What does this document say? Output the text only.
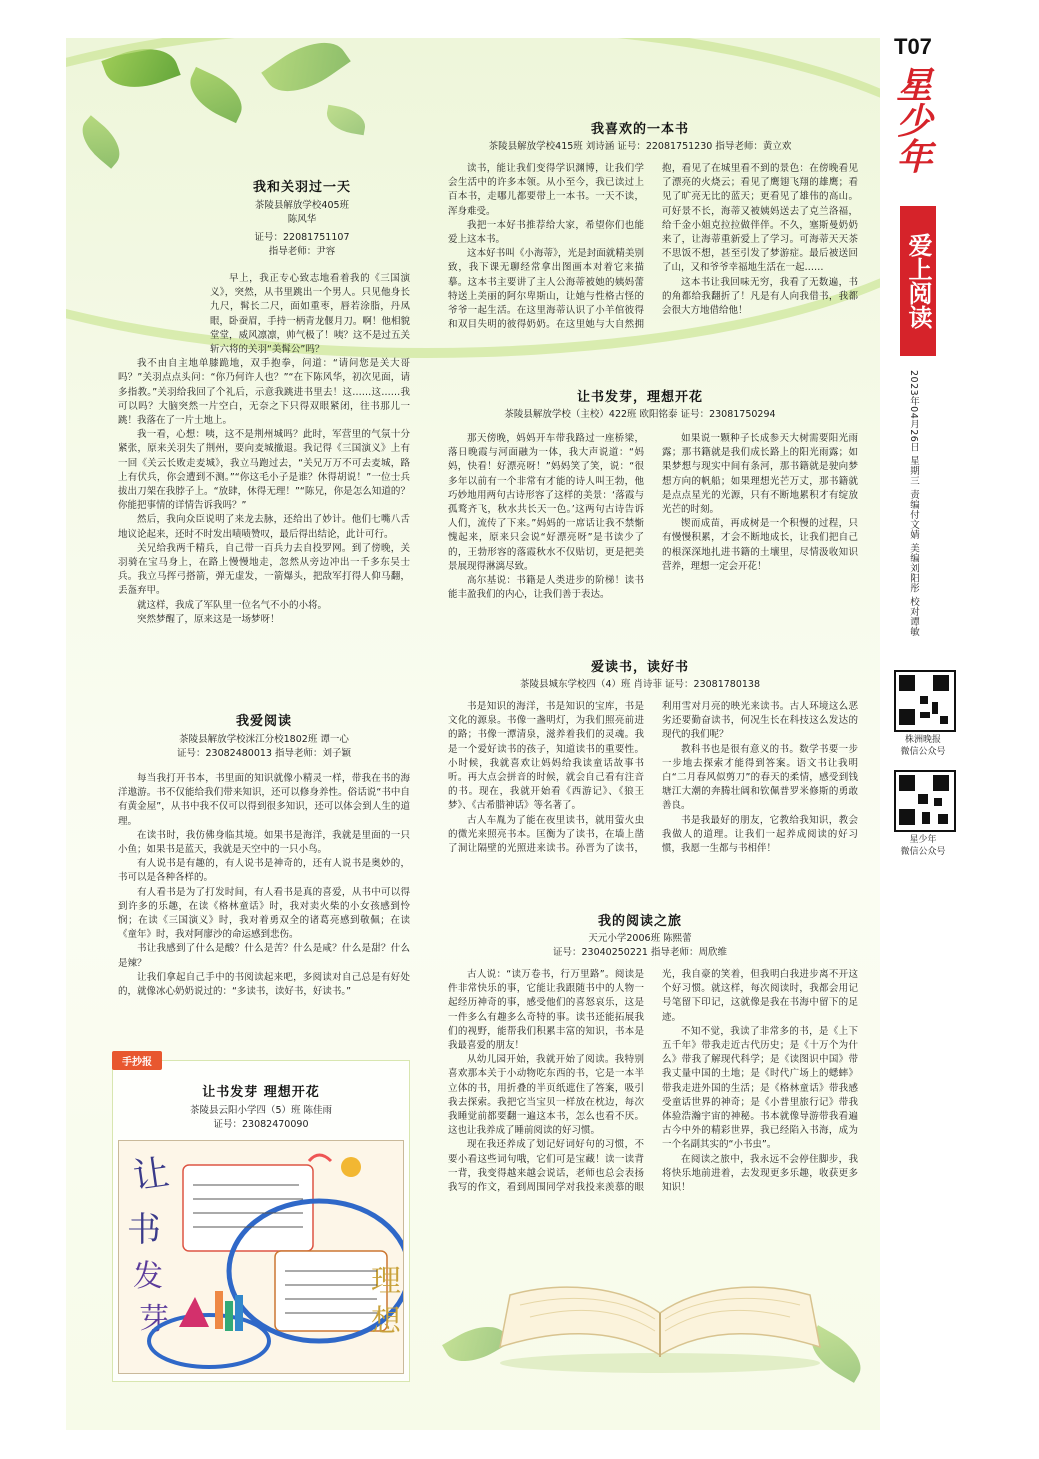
我和关羽过一天
茶陵县解放学校405班
陈风华
证号：22081751107
指导老师：尹容

早上，我正专心致志地看着我的《三国演义》，突然，从书里跳出一个男人。只见他身长九尺，髯长二尺，面如重枣，唇若涂脂，丹凤眼，卧蚕眉，手持一柄青龙偃月刀。啊！他相貌堂堂，威风凛凛，帅气极了！咦？这不是过五关斩六将的关羽“美髯公”吗？

我不由自主地单膝跪地，双手抱拳，问道：“请问您是关大哥吗？”关羽点点头问：“你乃何许人也？”“在下陈风华，初次见面，请多指教。”关羽给我回了个礼后，示意我跳进书里去！这……这……我可以吗？大脑突然一片空白，无奈之下只得双眼紧闭，往书那儿一跳！我落在了一片土地上。

我一看，心想：咦，这不是荆州城吗？此时，军营里的气氛十分紧张，原来关羽失了荆州，要向麦城撤退。我记得《三国演义》上有一回《关云长败走麦城》，我立马跑过去，“关兄万万不可去麦城，路上有伏兵，你会遭到不测。”“你这毛小子是谁？休得胡说！”一位士兵拔出刀架在我脖子上。“放肆，休得无理！”“陈兄，你是怎么知道的？你能把事情的详情告诉我吗？”

然后，我向众臣说明了来龙去脉，还给出了妙计。他们七嘴八舌地议论起来，还时不时发出啧啧赞叹，最后得出结论，此计可行。

关兄给我两千精兵，自己带一百兵力去自投罗网。到了傍晚，关羽骑在宝马身上，在路上慢慢地走，忽然从旁边冲出一千多东吴士兵。我立马挥弓搭箭，弹无虚发，一箭爆头，把敌军打得人仰马翻，丢盔弃甲。

就这样，我成了军队里一位名气不小的小将。

突然梦醒了，原来这是一场梦呀！

我爱阅读
茶陵县解放学校洣江分校1802班 谭一心
证号：23082480013 指导老师：刘子颖

每当我打开书本，书里面的知识就像小精灵一样，带我在书的海洋遨游。书不仅能给我们带来知识，还可以修身养性。俗话说“书中自有黄金屋”，从书中我不仅可以得到很多知识，还可以体会到人生的道理。

在读书时，我仿佛身临其境。如果书是海洋，我就是里面的一只小鱼；如果书是蓝天，我就是天空中的一只小鸟。

有人说书是有趣的，有人说书是神奇的，还有人说书是奥妙的，书可以是各种各样的。

有人看书是为了打发时间，有人看书是真的喜爱，从书中可以得到许多的乐趣，在读《格林童话》时，我对卖火柴的小女孩感到怜悯；在读《三国演义》时，我对着勇双全的诸葛亮感到敬佩；在读《童年》时，我对阿廖沙的命运感到悲伤。

书让我感到了什么是酸？什么是苦？什么是咸？什么是甜？什么是辣？

让我们拿起自己手中的书阅读起来吧，多阅读对自己总是有好处的，就像冰心奶奶说过的：“多读书，读好书，好读书。”

让书发芽 理想开花
茶陵县云阳小学四（5）班 陈佳雨
证号：23082470090
手抄报
让
书
发
芽
理
想
我喜欢的一本书
茶陵县解放学校415班 刘诗涵 证号：22081751230 指导老师：黄立欢

读书，能让我们变得学识渊博，让我们学会生活中的许多本领。从小至今，我已读过上百本书，走哪儿都要带上一本书。一天不读，浑身难受。

我把一本好书推荐给大家，希望你们也能爱上这本书。

这本好书叫《小海蒂》，光是封面就精美别致，我下课无聊经常拿出图画本对着它来描摹。这本书主要讲了主人公海蒂被她的姨妈蕾特送上美丽的阿尔卑斯山，让她与性格古怪的爷爷一起生活。在这里海蒂认识了小羊倌彼得和双目失明的彼得奶奶。在这里她与大自然拥抱，看见了在城里看不到的景色：在傍晚看见了漂亮的火烧云；看见了鹰翅飞翔的雄鹰；看见了旷亮无比的蓝天；更看见了雄伟的高山。可好景不长，海蒂又被姨妈送去了克兰洛福，给千金小姐克拉拉做伴伴。不久，塞斯曼奶奶来了，让海蒂重新爱上了学习。可海蒂天天茶不思饭不想，甚至引发了梦游症。最后被送回了山，又和爷爷幸福地生活在一起……

这本书让我回味无穷，我看了无数遍，书的角都给我翻折了！凡是有人向我借书，我都会很大方地借给他！

让书发芽，理想开花
茶陵县解放学校（主校）422班 欧阳铭泰 证号：23081750294

那天傍晚，妈妈开车带我路过一座桥梁，落日晚霞与河面融为一体，我大声说道：“妈妈，快看！好漂亮呀！”妈妈笑了笑，说：“很多年以前有一个非常有才能的诗人叫王勃，他巧妙地用两句古诗形容了这样的美景：‘落霞与孤鹜齐飞，秋水共长天一色。’这两句古诗告诉人们，流传了下来。”妈妈的一席话让我不禁惭愧起来，原来只会说“好漂亮呀”是书读少了的，王勃形容的落霞秋水不仅贴切，更是把美景展现得淋漓尽致。

高尔基说：书籍是人类进步的阶梯！读书能丰盈我们的内心，让我们善于表达。

如果说一颗种子长成参天大树需要阳光雨露；那书籍就是我们成长路上的阳光雨露；如果梦想与现实中间有条河，那书籍就是驶向梦想方向的帆船；如果理想光芒万丈，那书籍就是点点星光的光源，只有不断地累积才有绽放光芒的时刻。

锲而成苗，再成树是一个积慢的过程，只有慢慢积累，才会不断地成长，让我们把自己的根深深地扎进书籍的土壤里，尽情汲收知识营养，理想一定会开花！

爱读书，读好书
茶陵县城东学校四（4）班 肖诗菲 证号：23081780138

书是知识的海洋，书是知识的宝库，书是文化的源泉。书像一盏明灯，为我们照亮前进的路；书像一潭清泉，滋养着我们的灵魂。我是一个爱好读书的孩子，知道读书的重要性。小时候，我就喜欢让妈妈给我读童话故事书听。再大点会拼音的时候，就会自己看有注音的书。现在，我就开始看《西游记》、《狼王梦》、《古希腊神话》等名著了。

古人车胤为了能在夜里读书，就用萤火虫的微光来照亮书本。匡衡为了读书，在墙上凿了洞让隔壁的光照进来读书。孙晋为了读书，利用雪对月亮的映光来读书。古人环境这么恶劣还要勤奋读书，何况生长在科技这么发达的现代的我们呢？

教科书也是很有意义的书。数学书要一步一步地去探索才能得到答案。语文书让我明白“二月春风似剪刀”的春天的柔情，感受到钱塘江大潮的奔腾壮阔和钦佩普罗米修斯的勇敢善良。

书是我最好的朋友，它教给我知识，教会我做人的道理。让我们一起养成阅读的好习惯，我愿一生都与书相伴！

我的阅读之旅
天元小学2006班 陈熙蕾
证号：23040250221 指导老师：周欣维

古人说：“读万卷书，行万里路”。阅读是件非常快乐的事，它能让我跟随书中的人物一起经历神奇的事，感受他们的喜怒哀乐，这是一件多么有趣多么奇特的事。读书还能拓展我们的视野，能帮我们积累丰富的知识，书本是我最喜爱的朋友！

从幼儿园开始，我就开始了阅读。我特别喜欢那本关于小动物吃东西的书，它是一本半立体的书，用折叠的半页纸遮住了答案，吸引我去探索。我把它当宝贝一样放在枕边，每次我睡觉前都要翻一遍这本书，怎么也看不厌。这也让我养成了睡前阅读的好习惯。

现在我还养成了划记好词好句的习惯，不要小看这些词句哦，它们可是宝藏！读一读背一背，我变得越来越会说话，老师也总会表扬我写的作文，看到周围同学对我投来羡慕的眼光，我自豪的笑着，但我明白我进步离不开这个好习惯。就这样，每次阅读时，我都会用记号笔留下印记，这就像是我在书海中留下的足迹。

不知不觉，我读了非常多的书，是《上下五千年》带我走近古代历史；是《十万个为什么》带我了解现代科学；是《读图识中国》带我丈量中国的土地；是《时代广场上的蟋蟀》带我走进外国的生活；是《格林童话》带我感受童话世界的神奇；是《小普里旅行记》带我体验浩瀚宇宙的神秘。书本就像导游带我看遍古今中外的精彩世界，我已经陷入书海，成为一个名副其实的“小书虫”。

在阅读之旅中，我永远不会停住脚步，我将快乐地前进着，去发现更多乐趣，收获更多知识！

T07
星少年
爱上阅读
2023年04月26日 星期三 责编付文婧 美编刘阳彤 校对谭敏
株洲晚报
微信公众号
星少年
微信公众号
